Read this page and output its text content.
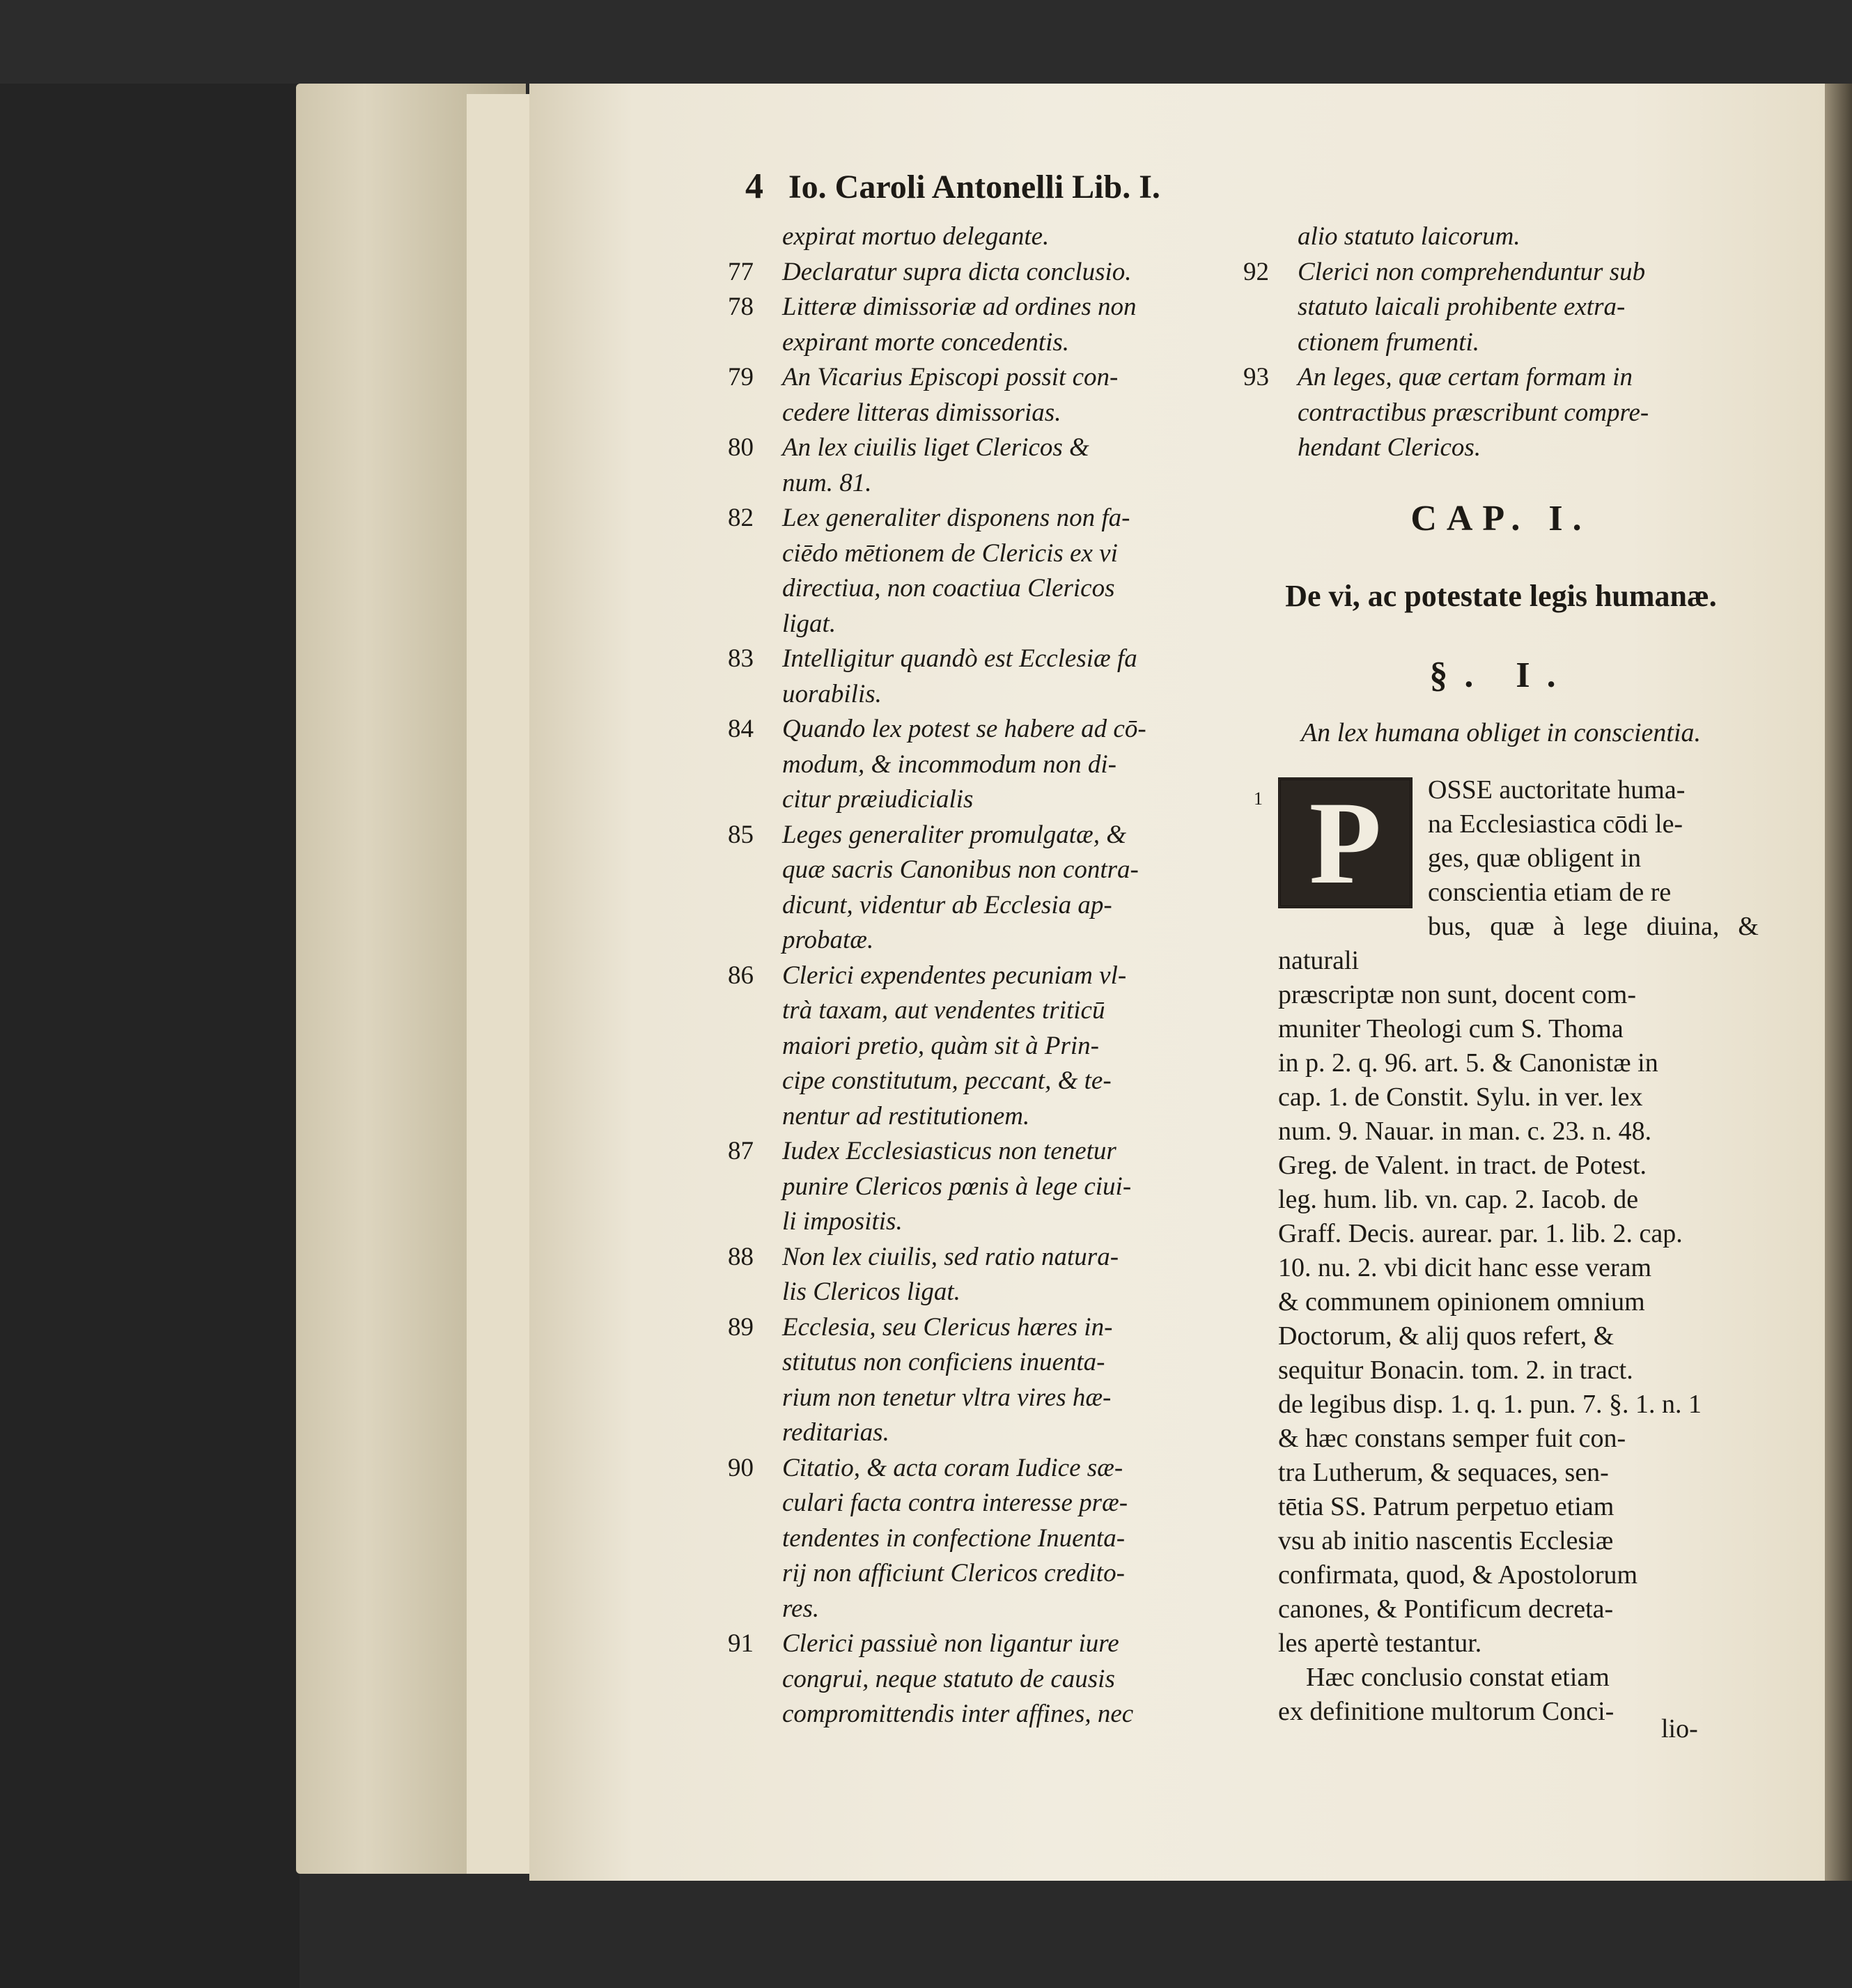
4 Io. Caroli Antonelli Lib. I.
expirat mortuo delegante.
77	Declaratur supra dicta conclusio.
78	Litteræ dimissoriæ ad ordines non
expirant morte concedentis.
79	An Vicarius Episcopi possit con-
cedere litteras dimissorias.
80	An lex ciuilis liget Clericos &
num. 81.
82	Lex generaliter disponens non fa-
ciēdo mētionem de Clericis ex vi
directiua, non coactiua Clericos
ligat.
83	Intelligitur quandò est Ecclesiæ fa
uorabilis.
84	Quando lex potest se habere ad cō-
modum, & incommodum non di-
citur præiudicialis
85	Leges generaliter promulgatæ, &
quæ sacris Canonibus non contra-
dicunt, videntur ab Ecclesia ap-
probatæ.
86	Clerici expendentes pecuniam vl-
trà taxam, aut vendentes triticū
maiori pretio, quàm sit à Prin-
cipe constitutum, peccant, & te-
nentur ad restitutionem.
87	Iudex Ecclesiasticus non tenetur
punire Clericos pœnis à lege ciui-
li impositis.
88	Non lex ciuilis, sed ratio natura-
lis Clericos ligat.
89	Ecclesia, seu Clericus hæres in-
stitutus non conficiens inuenta-
rium non tenetur vltra vires hæ-
reditarias.
90	Citatio, & acta coram Iudice sæ-
culari facta contra interesse præ-
tendentes in confectione Inuenta-
rij non afficiunt Clericos credito-
res.
91	Clerici passiuè non ligantur iure
congrui, neque statuto de causis
compromittendis inter affines, nec
alio statuto laicorum.
92	Clerici non comprehenduntur sub
statuto laicali prohibente extra-
ctionem frumenti.
93	An leges, quæ certam formam in
contractibus præscribunt compre-
hendant Clericos.
CAP. I.
De vi, ac potestate legis humanæ.
§. I.
An lex humana obliget in conscientia.
1 P	OSSE auctoritate huma-
na Ecclesiastica cōdi le-
ges, quæ obligent in
conscientia etiam de re
bus, quæ à lege diuina, & naturali
præscriptæ non sunt, docent com-
muniter Theologi cum S. Thoma
in p. 2. q. 96. art. 5. & Canonistæ in
cap. 1. de Constit. Sylu. in ver. lex
num. 9. Nauar. in man. c. 23. n. 48.
Greg. de Valent. in tract. de Potest.
leg. hum. lib. vn. cap. 2. Iacob. de
Graff. Decis. aurear. par. 1. lib. 2. cap.
10. nu. 2. vbi dicit hanc esse veram
& communem opinionem omnium
Doctorum, & alij quos refert, &
sequitur Bonacin. tom. 2. in tract.
de legibus disp. 1. q. 1. pun. 7. §. 1. n. 1
& hæc constans semper fuit con-
tra Lutherum, & sequaces, sen-
tētia SS. Patrum perpetuo etiam
vsu ab initio nascentis Ecclesiæ
confirmata, quod, & Apostolorum
canones, & Pontificum decreta-
les apertè testantur.
Hæc conclusio constat etiam
ex definitione multorum Conci-
lio-
